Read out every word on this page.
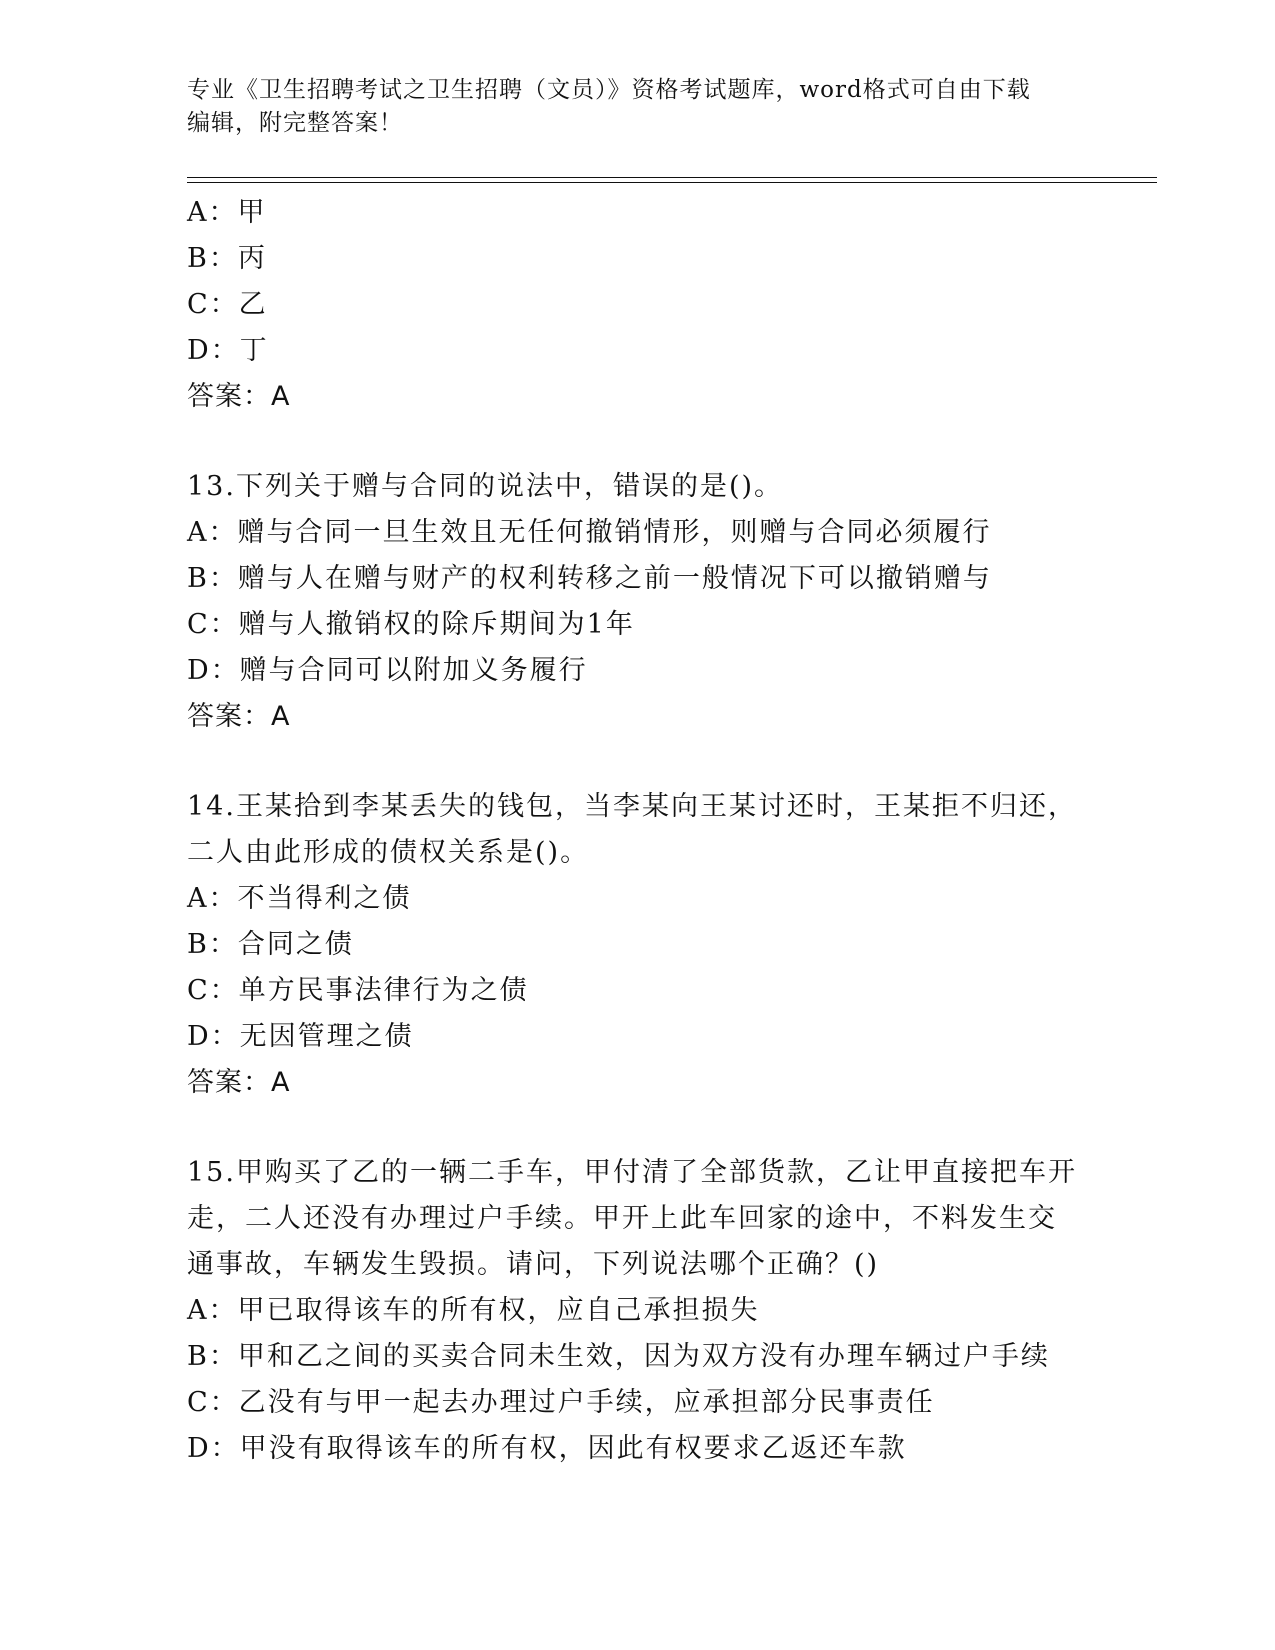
专业《卫生招聘考试之卫生招聘（文员）》资格考试题库，word格式可自由下载
编辑，附完整答案！

A：甲

B：丙

C：乙

D：丁

答案：A

13.下列关于赠与合同的说法中，错误的是()。

A：赠与合同一旦生效且无任何撤销情形，则赠与合同必须履行

B：赠与人在赠与财产的权利转移之前一般情况下可以撤销赠与

C：赠与人撤销权的除斥期间为1年

D：赠与合同可以附加义务履行

答案：A

14.王某拾到李某丢失的钱包，当李某向王某讨还时，王某拒不归还，

二人由此形成的债权关系是()。

A：不当得利之债

B：合同之债

C：单方民事法律行为之债

D：无因管理之债

答案：A

15.甲购买了乙的一辆二手车，甲付清了全部货款，乙让甲直接把车开

走，二人还没有办理过户手续。甲开上此车回家的途中，不料发生交

通事故，车辆发生毁损。请问，下列说法哪个正确？()

A：甲已取得该车的所有权，应自己承担损失

B：甲和乙之间的买卖合同未生效，因为双方没有办理车辆过户手续

C：乙没有与甲一起去办理过户手续，应承担部分民事责任

D：甲没有取得该车的所有权，因此有权要求乙返还车款
